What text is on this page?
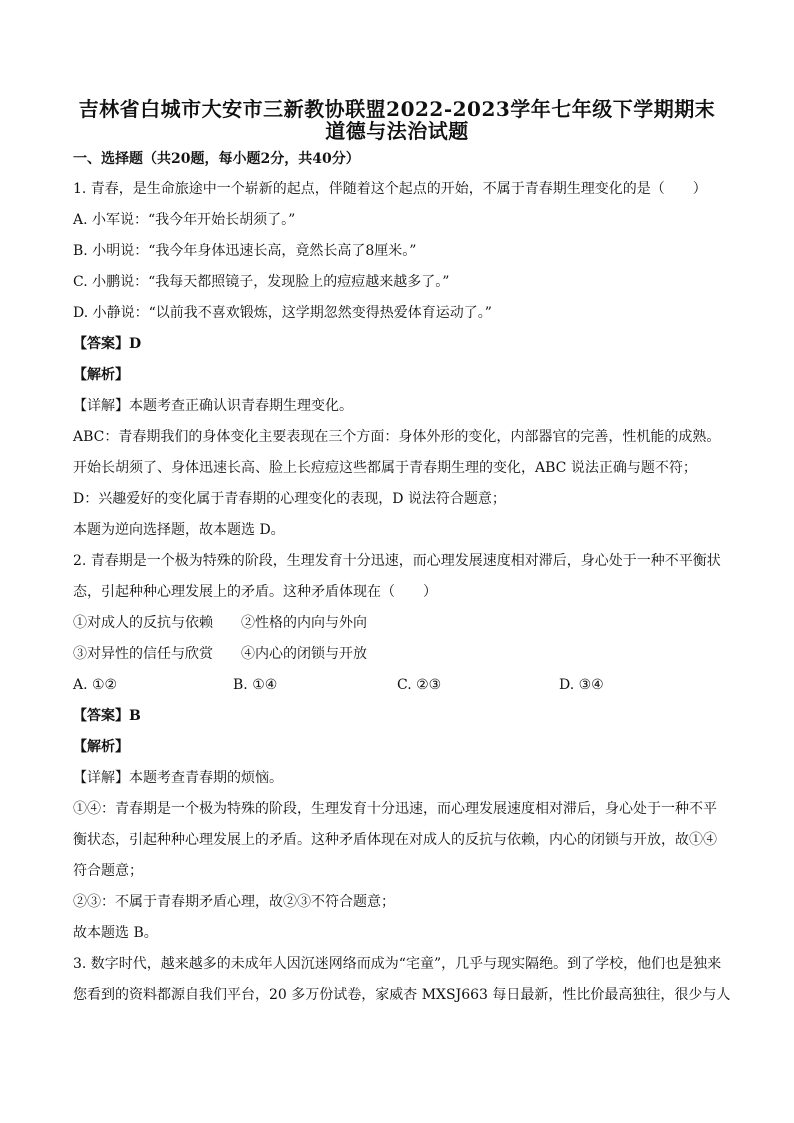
吉林省白城市大安市三新教协联盟2022-2023学年七年级下学期期末
道德与法治试题
一、选择题（共20题，每小题2分，共40分）
1. 青春，是生命旅途中一个崭新的起点，伴随着这个起点的开始，不属于青春期生理变化的是（　　）
A. 小军说：“我今年开始长胡须了。”
B. 小明说：“我今年身体迅速长高，竟然长高了8厘米。”
C. 小鹏说：“我每天都照镜子，发现脸上的痘痘越来越多了。”
D. 小静说：“以前我不喜欢锻炼，这学期忽然变得热爱体育运动了。”
【答案】D
【解析】
【详解】本题考查正确认识青春期生理变化。
ABC：青春期我们的身体变化主要表现在三个方面：身体外形的变化，内部器官的完善，性机能的成熟。
开始长胡须了、身体迅速长高、脸上长痘痘这些都属于青春期生理的变化，ABC 说法正确与题不符；
D：兴趣爱好的变化属于青春期的心理变化的表现，D 说法符合题意；
本题为逆向选择题，故本题选 D。
2. 青春期是一个极为特殊的阶段，生理发育十分迅速，而心理发展速度相对滞后，身心处于一种不平衡状
态，引起种种心理发展上的矛盾。这种矛盾体现在（　　）
①对成人的反抗与依赖　　②性格的内向与外向
③对异性的信任与欣赏　　④内心的闭锁与开放
A. ①②	B. ①④	C. ②③	D. ③④
【答案】B
【解析】
【详解】本题考查青春期的烦恼。
①④：青春期是一个极为特殊的阶段，生理发育十分迅速，而心理发展速度相对滞后，身心处于一种不平
衡状态，引起种种心理发展上的矛盾。这种矛盾体现在对成人的反抗与依赖，内心的闭锁与开放，故①④
符合题意；
②③：不属于青春期矛盾心理，故②③不符合题意；
故本题选 B。
3. 数字时代，越来越多的未成年人因沉迷网络而成为“宅童”，几乎与现实隔绝。到了学校，他们也是独来
您看到的资料都源自我们平台，20 多万份试卷，家威杏 MXSJ663 每日最新，性比价最高独往，很少与人
